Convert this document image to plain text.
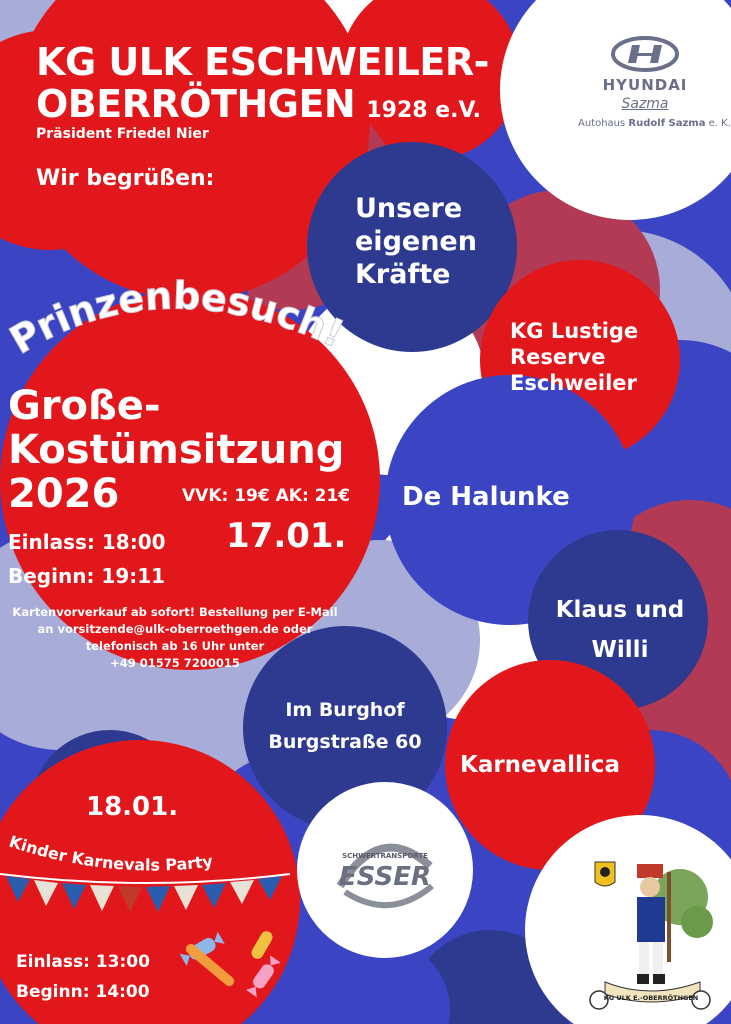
KG ULK ESCHWEILER-
OBERRÖTHGEN 1928 e.V.
Präsident Friedel Nier
Wir begrüßen:
HYUNDAI
Sazma
Autohaus Rudolf Sazma e. K.
Unsere
eigenen
Kräfte
KG Lustige
Reserve
Eschweiler
De Halunke
Klaus und
Willi
Karnevallica
Prinzenbesuch!
Große-
Kostümsitzung
2026	VVK: 19€ AK: 21€
17.01.
Einlass: 18:00
Beginn: 19:11
Kartenvorverkauf ab sofort! Bestellung per E-Mail
an vorsitzende@ulk-oberroethgen.de oder
telefonisch ab 16 Uhr unter
+49 01575 7200015
Im Burghof
Burgstraße 60
18.01.
Kinder Karnevals Party
Einlass: 13:00
Beginn: 14:00
SCHWERTRANSPORTE
ESSER
KG ULK E.-OBERRÖTHGEN
